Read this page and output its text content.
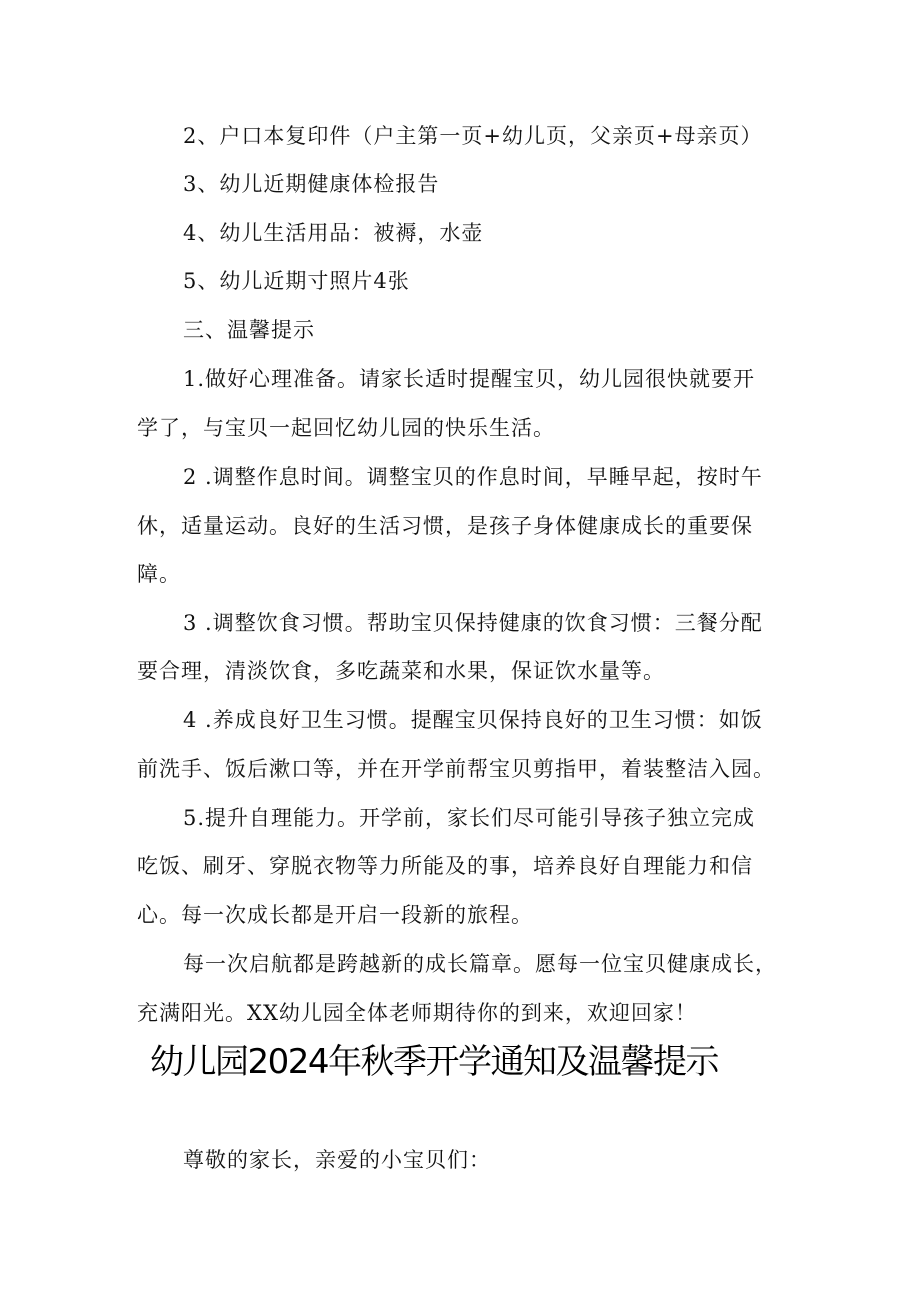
2、户口本复印件（户主第一页+幼儿页，父亲页+母亲页）

3、幼儿近期健康体检报告

4、幼儿生活用品：被褥，水壶

5、幼儿近期寸照片4张

三、温馨提示

1.做好心理准备。请家长适时提醒宝贝，幼儿园很快就要开

学了，与宝贝一起回忆幼儿园的快乐生活。

2 .调整作息时间。调整宝贝的作息时间，早睡早起，按时午

休，适量运动。良好的生活习惯，是孩子身体健康成长的重要保

障。

3 .调整饮食习惯。帮助宝贝保持健康的饮食习惯：三餐分配

要合理，清淡饮食，多吃蔬菜和水果，保证饮水量等。

4 .养成良好卫生习惯。提醒宝贝保持良好的卫生习惯：如饭

前洗手、饭后漱口等，并在开学前帮宝贝剪指甲，着装整洁入园。

5.提升自理能力。开学前，家长们尽可能引导孩子独立完成

吃饭、刷牙、穿脱衣物等力所能及的事，培养良好自理能力和信

心。每一次成长都是开启一段新的旅程。

每一次启航都是跨越新的成长篇章。愿每一位宝贝健康成长，

充满阳光。XX幼儿园全体老师期待你的到来，欢迎回家！

幼儿园2024年秋季开学通知及温馨提示

尊敬的家长，亲爱的小宝贝们：
